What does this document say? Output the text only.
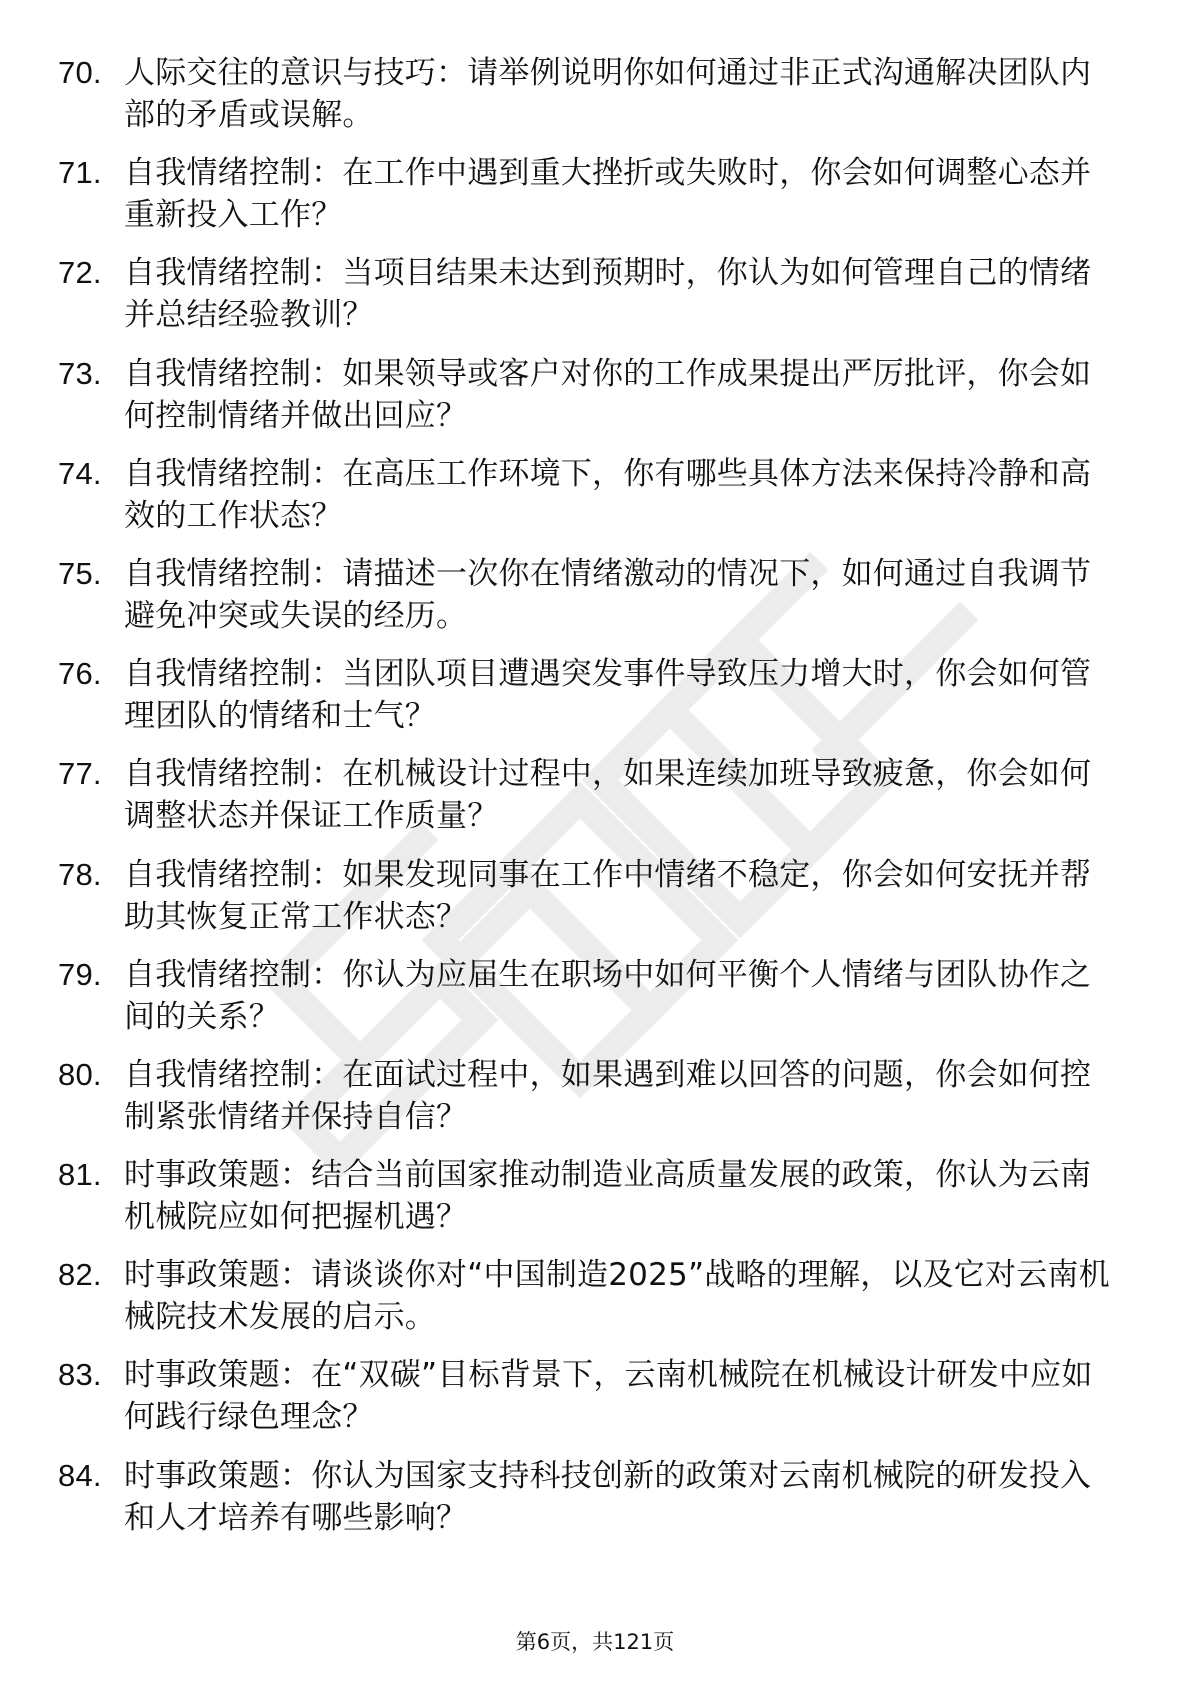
70. 人际交往的意识与技巧：请举例说明你如何通过非正式沟通解决团队内部的矛盾或误解。
71. 自我情绪控制：在工作中遇到重大挫折或失败时，你会如何调整心态并重新投入工作？
72. 自我情绪控制：当项目结果未达到预期时，你认为如何管理自己的情绪并总结经验教训？
73. 自我情绪控制：如果领导或客户对你的工作成果提出严厉批评，你会如何控制情绪并做出回应？
74. 自我情绪控制：在高压工作环境下，你有哪些具体方法来保持冷静和高效的工作状态？
75. 自我情绪控制：请描述一次你在情绪激动的情况下，如何通过自我调节避免冲突或失误的经历。
76. 自我情绪控制：当团队项目遭遇突发事件导致压力增大时，你会如何管理团队的情绪和士气？
77. 自我情绪控制：在机械设计过程中，如果连续加班导致疲惫，你会如何调整状态并保证工作质量？
78. 自我情绪控制：如果发现同事在工作中情绪不稳定，你会如何安抚并帮助其恢复正常工作状态？
79. 自我情绪控制：你认为应届生在职场中如何平衡个人情绪与团队协作之间的关系？
80. 自我情绪控制：在面试过程中，如果遇到难以回答的问题，你会如何控制紧张情绪并保持自信？
81. 时事政策题：结合当前国家推动制造业高质量发展的政策，你认为云南机械院应如何把握机遇？
82. 时事政策题：请谈谈你对“中国制造2025”战略的理解，以及它对云南机械院技术发展的启示。
83. 时事政策题：在“双碳”目标背景下，云南机械院在机械设计研发中应如何践行绿色理念？
84. 时事政策题：你认为国家支持科技创新的政策对云南机械院的研发投入和人才培养有哪些影响？
第6页，共121页
